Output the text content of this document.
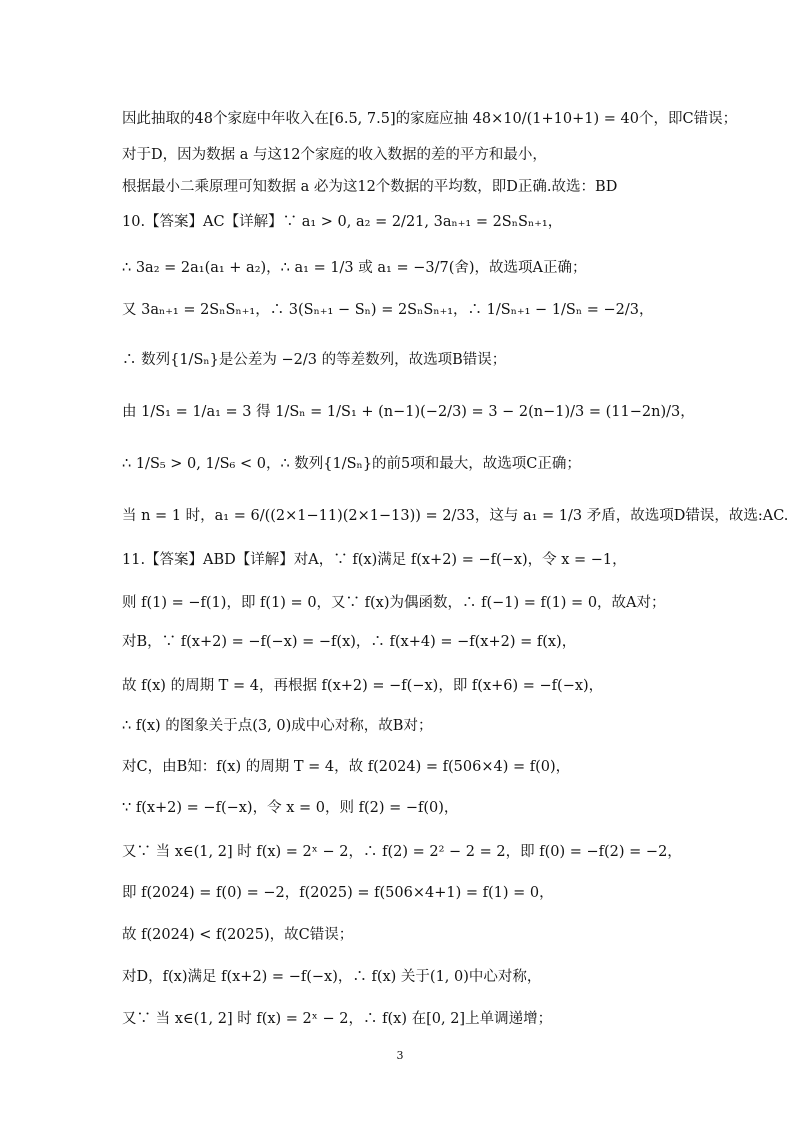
因此抽取的48个家庭中年收入在[6.5, 7.5]的家庭应抽 48×10/(1+10+1) = 40个，即C错误；
对于D，因为数据 a 与这12个家庭的收入数据的差的平方和最小，
根据最小二乘原理可知数据 a 必为这12个数据的平均数，即D正确.故选：BD
10.【答案】AC【详解】∵ a₁ > 0, a₂ = 2/21, 3aₙ₊₁ = 2SₙSₙ₊₁，
∴ 3a₂ = 2a₁(a₁ + a₂)，∴ a₁ = 1/3 或 a₁ = −3/7(舍)，故选项A正确；
又 3aₙ₊₁ = 2SₙSₙ₊₁，∴ 3(Sₙ₊₁ − Sₙ) = 2SₙSₙ₊₁，∴ 1/Sₙ₊₁ − 1/Sₙ = −2/3，
∴ 数列{1/Sₙ}是公差为 −2/3 的等差数列，故选项B错误；
由 1/S₁ = 1/a₁ = 3 得 1/Sₙ = 1/S₁ + (n−1)(−2/3) = 3 − 2(n−1)/3 = (11−2n)/3，
∴ 1/S₅ > 0, 1/S₆ < 0，∴ 数列{1/Sₙ}的前5项和最大，故选项C正确；
当 n = 1 时，a₁ = 6/((2×1−11)(2×1−13)) = 2/33，这与 a₁ = 1/3 矛盾，故选项D错误，故选:AC.
11.【答案】ABD【详解】对A，∵ f(x)满足 f(x+2) = −f(−x)，令 x = −1，
则 f(1) = −f(1)，即 f(1) = 0，又∵ f(x)为偶函数，∴ f(−1) = f(1) = 0，故A对；
对B，∵ f(x+2) = −f(−x) = −f(x)，∴ f(x+4) = −f(x+2) = f(x)，
故 f(x) 的周期 T = 4，再根据 f(x+2) = −f(−x)，即 f(x+6) = −f(−x)，
∴ f(x) 的图象关于点(3, 0)成中心对称，故B对；
对C，由B知：f(x) 的周期 T = 4，故 f(2024) = f(506×4) = f(0)，
∵ f(x+2) = −f(−x)，令 x = 0，则 f(2) = −f(0)，
又∵ 当 x∈(1, 2] 时 f(x) = 2ˣ − 2，∴ f(2) = 2² − 2 = 2，即 f(0) = −f(2) = −2，
即 f(2024) = f(0) = −2，f(2025) = f(506×4+1) = f(1) = 0，
故 f(2024) < f(2025)，故C错误；
对D，f(x)满足 f(x+2) = −f(−x)，∴ f(x) 关于(1, 0)中心对称，
又∵ 当 x∈(1, 2] 时 f(x) = 2ˣ − 2，∴ f(x) 在[0, 2]上单调递增；
3
